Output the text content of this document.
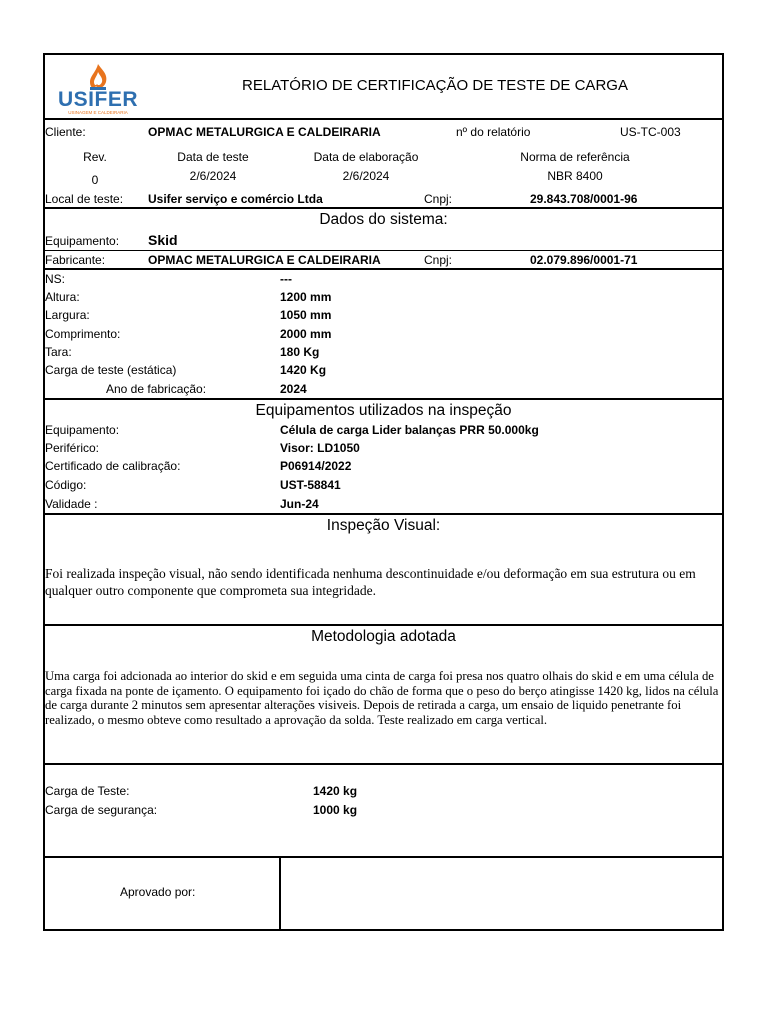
USIFER
USINAGEM E CALDEIRARIA
RELATÓRIO DE CERTIFICAÇÃO DE TESTE DE CARGA
Cliente:	OPMAC METALURGICA E CALDEIRARIA	nº do relatório	US-TC-003
Rev.	Data de teste	Data de elaboração	Norma de referência
0	2/6/2024	2/6/2024	NBR 8400
Local de teste: Usifer serviço e comércio Ltda	Cnpj:	29.843.708/0001-96
Dados do sistema:
Equipamento: Skid
Fabricante:	OPMAC METALURGICA E CALDEIRARIA	Cnpj:	02.079.896/0001-71
NS:	---
Altura:	1200 mm
Largura:	1050 mm
Comprimento:	2000 mm
Tara:	180 Kg
Carga de teste (estática)	1420 Kg
Ano de fabricação:	2024
Equipamentos utilizados na inspeção
Equipamento:	Célula de carga Lider balanças PRR 50.000kg
Periférico:	Visor: LD1050
Certificado de calibração:	P06914/2022
Código:	UST-58841
Validade :	Jun-24
Inspeção Visual:
Foi realizada inspeção visual, não sendo identificada nenhuma descontinuidade e/ou deformação em sua estrutura ou em qualquer outro componente que comprometa sua integridade.
Metodologia adotada
Uma carga foi adcionada ao interior do skid e em seguida uma cinta de carga foi presa nos quatro olhais do skid e em uma célula de carga fixada na ponte de içamento. O equipamento foi içado do chão de forma que o peso do berço atingisse 1420 kg, lidos na célula de carga durante 2 minutos sem apresentar alterações visiveis. Depois de retirada a carga, um ensaio de liquido penetrante foi realizado, o mesmo obteve como resultado a aprovação da solda. Teste realizado em carga vertical.
Carga de Teste:	1420 kg
Carga de segurança:	1000 kg
Aprovado por:
